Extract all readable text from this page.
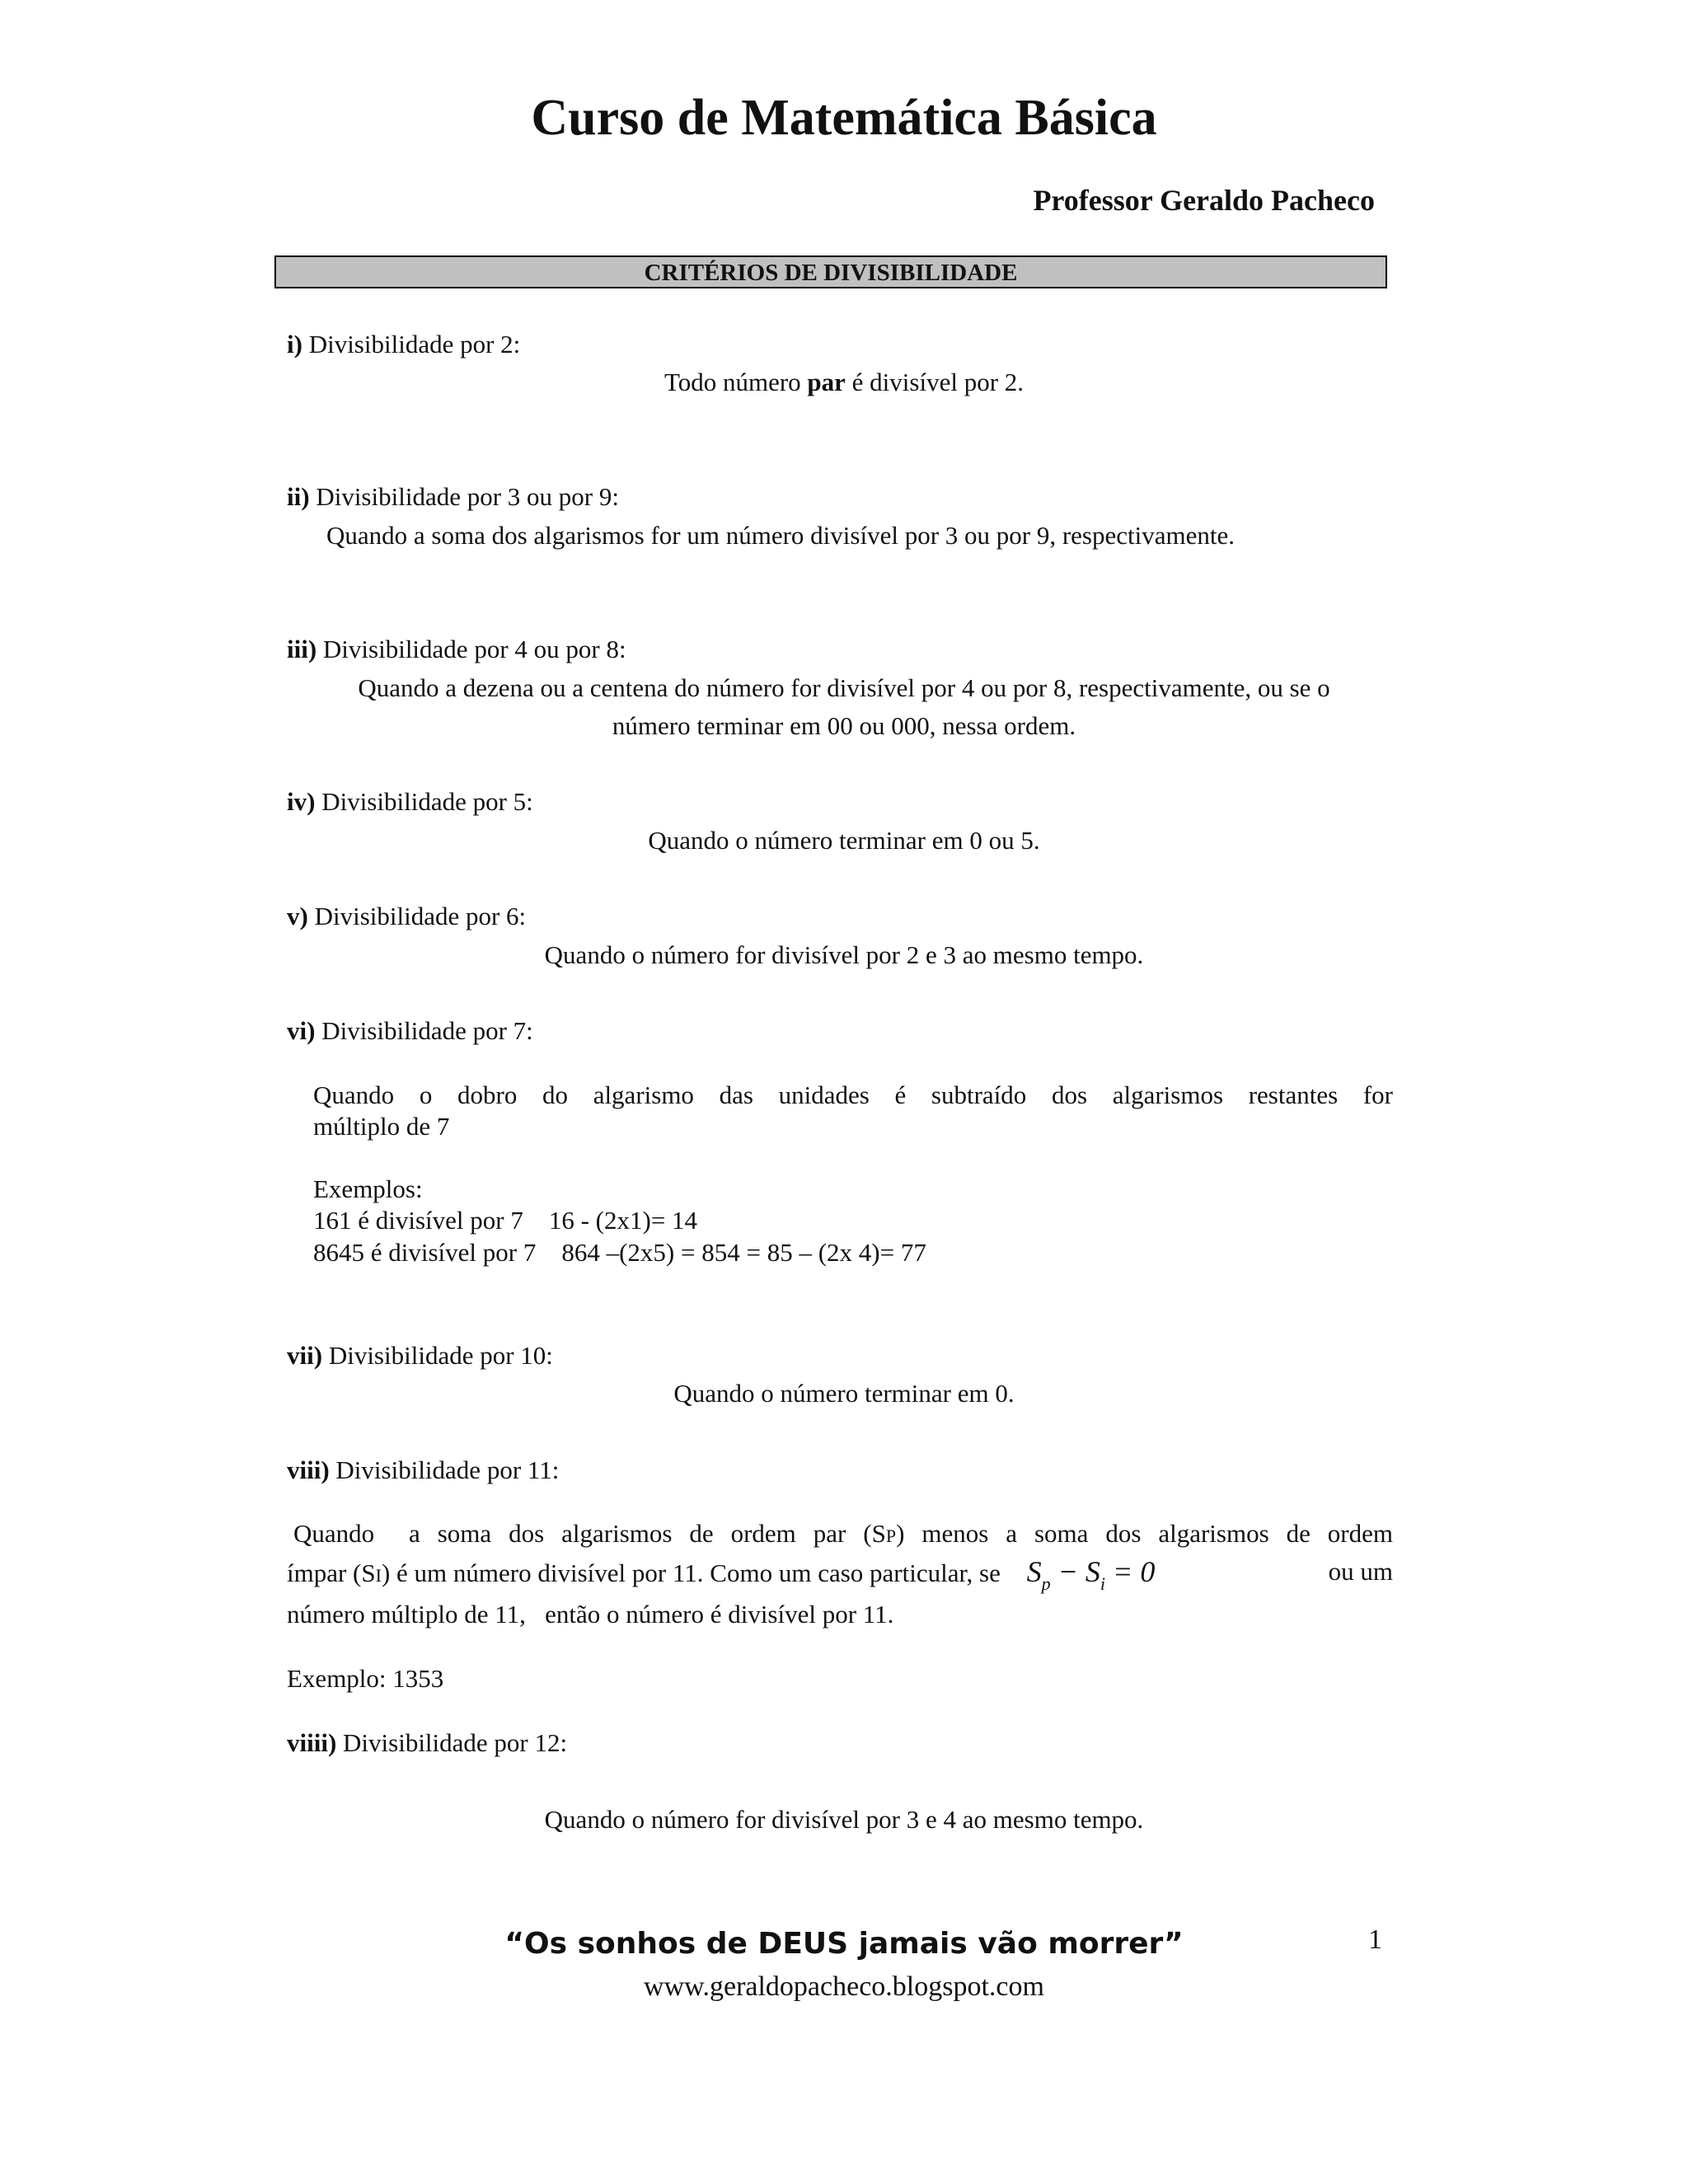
Curso de Matemática Básica
Professor Geraldo Pacheco
CRITÉRIOS DE DIVISIBILIDADE
i) Divisibilidade por 2:
Todo número par é divisível por 2.
ii) Divisibilidade por 3 ou por 9:
Quando a soma dos algarismos for um número divisível por 3 ou por 9, respectivamente.
iii) Divisibilidade por 4 ou por 8:
Quando a dezena ou a centena do número for divisível por 4 ou por 8, respectivamente, ou se o
número terminar em 00 ou 000, nessa ordem.
iv) Divisibilidade por 5:
Quando o número terminar em 0 ou 5.
v) Divisibilidade por 6:
Quando o número for divisível por 2 e 3 ao mesmo tempo.
vi) Divisibilidade por 7:
Quando o dobro do algarismo das unidades é subtraído dos algarismos restantes for
múltiplo de 7
Exemplos:
161 é divisível por 7    16 - (2x1)= 14
8645 é divisível por 7    864 –(2x5) = 854 = 85 – (2x 4)= 77
vii) Divisibilidade por 10:
Quando o número terminar em 0.
viii) Divisibilidade por 11:
Quando  a soma dos algarismos de ordem par (SP) menos a soma dos algarismos de ordem
ímpar (SI) é um número divisível por 11. Como um caso particular, se $S_p - S_i = 0$	ou um
número múltiplo de 11,   então o número é divisível por 11.
Exemplo: 1353
viiii) Divisibilidade por 12:
Quando o número for divisível por 3 e 4 ao mesmo tempo.
“Os sonhos de DEUS jamais vão morrer”
www.geraldopacheco.blogspot.com
1
